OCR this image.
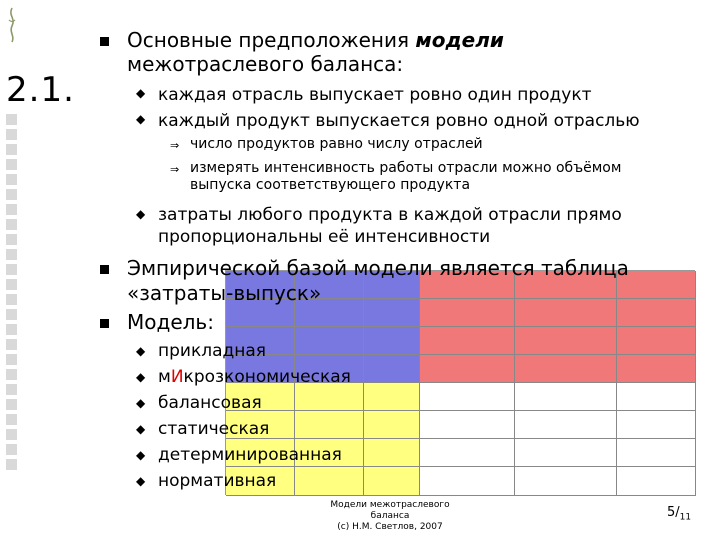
2.1.
Основные предположения модели
межотраслевого баланса:
◆ каждая отрасль выпускает ровно один продукт
◆ каждый продукт выпускается ровно одной отраслью
⇒ число продуктов равно числу отраслей
⇒ измерять интенсивность работы отрасли можно объёмом
выпуска соответствующего продукта
◆ затраты любого продукта в каждой отрасли прямо
пропорциональны её интенсивности
Эмпирической базой модели является таблица
«затраты-выпуск»
Модель:
◆ прикладная
◆ мИкрозкономическая
◆ балансовая
◆ статическая
◆ детерминированная
◆ нормативная
Модели межотраслевого баланса
(с) Н.М. Светлов, 2007
$5/_{11}$
